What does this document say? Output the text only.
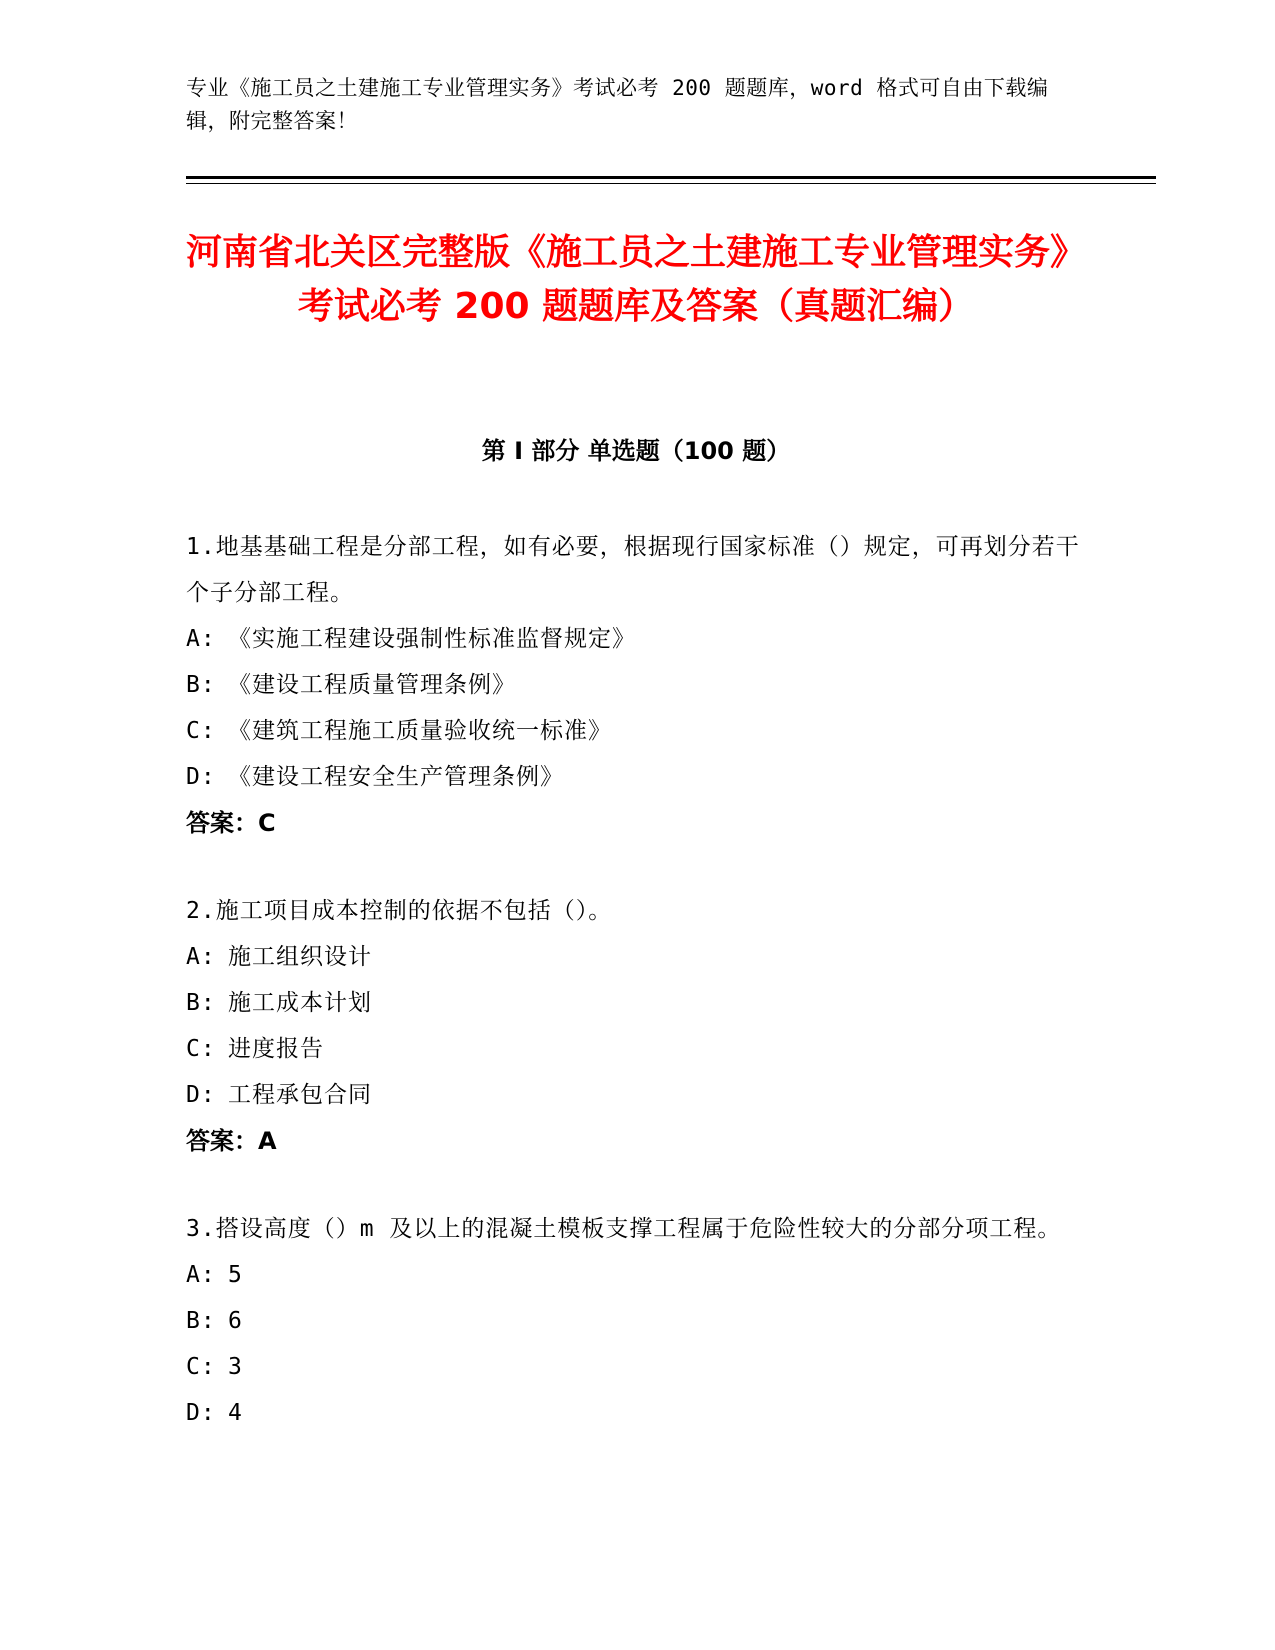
专业《施工员之土建施工专业管理实务》考试必考 200 题题库，word 格式可自由下载编辑，附完整答案！
河南省北关区完整版《施工员之土建施工专业管理实务》考试必考 200 题题库及答案（真题汇编）
第 I 部分 单选题（100 题）

1.地基基础工程是分部工程，如有必要，根据现行国家标准（）规定，可再划分若干个子分部工程。

A: 《实施工程建设强制性标准监督规定》
B: 《建设工程质量管理条例》
C: 《建筑工程施工质量验收统一标准》
D: 《建设工程安全生产管理条例》
答案：C

2.施工项目成本控制的依据不包括（）。

A: 施工组织设计
B: 施工成本计划
C: 进度报告
D: 工程承包合同
答案：A

3.搭设高度（）m 及以上的混凝土模板支撑工程属于危险性较大的分部分项工程。

A: 5
B: 6
C: 3
D: 4
